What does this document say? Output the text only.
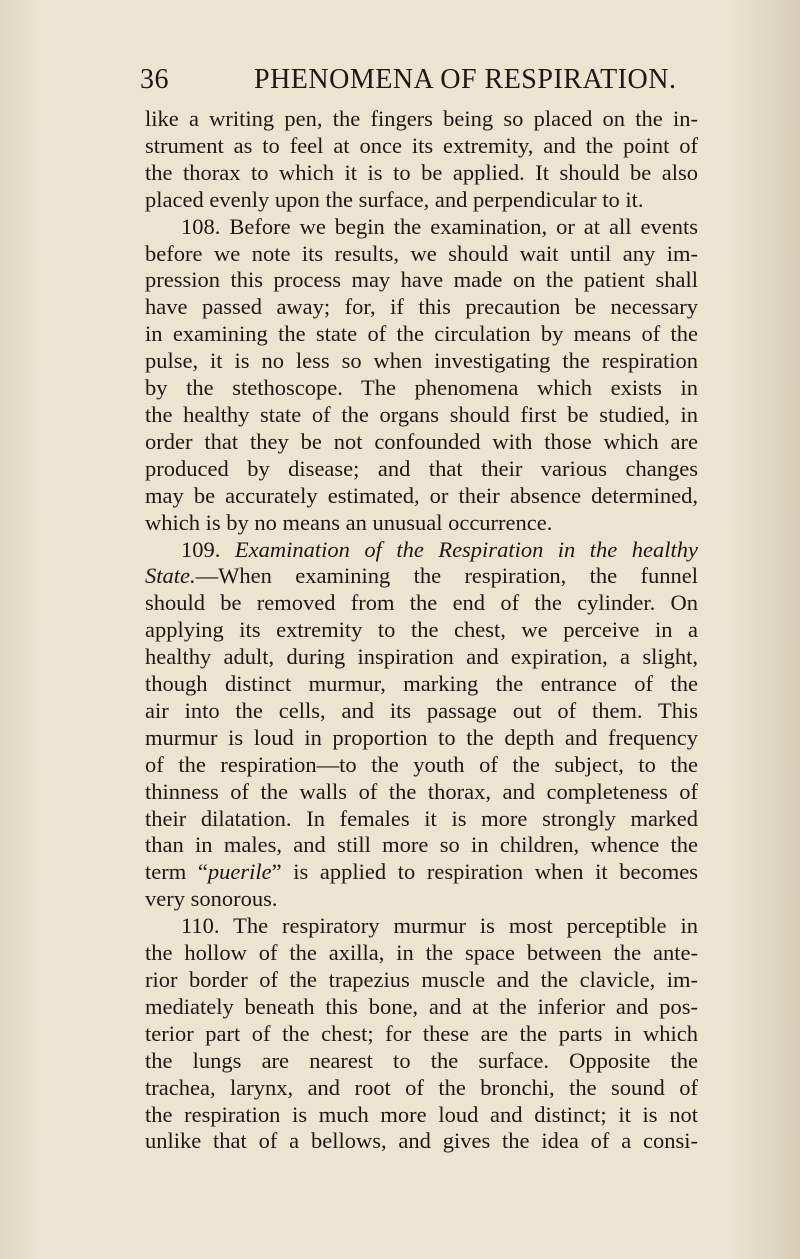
36	PHENOMENA OF RESPIRATION.
like a writing pen, the fingers being so placed on the in-
strument as to feel at once its extremity, and the point of
the thorax to which it is to be applied. It should be also
placed evenly upon the surface, and perpendicular to it.
108. Before we begin the examination, or at all events
before we note its results, we should wait until any im-
pression this process may have made on the patient shall
have passed away; for, if this precaution be necessary
in examining the state of the circulation by means of the
pulse, it is no less so when investigating the respiration
by the stethoscope. The phenomena which exists in
the healthy state of the organs should first be studied, in
order that they be not confounded with those which are
produced by disease; and that their various changes
may be accurately estimated, or their absence determined,
which is by no means an unusual occurrence.
109. Examination of the Respiration in the healthy
State.—When examining the respiration, the funnel
should be removed from the end of the cylinder. On
applying its extremity to the chest, we perceive in a
healthy adult, during inspiration and expiration, a slight,
though distinct murmur, marking the entrance of the
air into the cells, and its passage out of them. This
murmur is loud in proportion to the depth and frequency
of the respiration—to the youth of the subject, to the
thinness of the walls of the thorax, and completeness of
their dilatation. In females it is more strongly marked
than in males, and still more so in children, whence the
term “puerile” is applied to respiration when it becomes
very sonorous.
110. The respiratory murmur is most perceptible in
the hollow of the axilla, in the space between the ante-
rior border of the trapezius muscle and the clavicle, im-
mediately beneath this bone, and at the inferior and pos-
terior part of the chest; for these are the parts in which
the lungs are nearest to the surface. Opposite the
trachea, larynx, and root of the bronchi, the sound of
the respiration is much more loud and distinct; it is not
unlike that of a bellows, and gives the idea of a consi-
